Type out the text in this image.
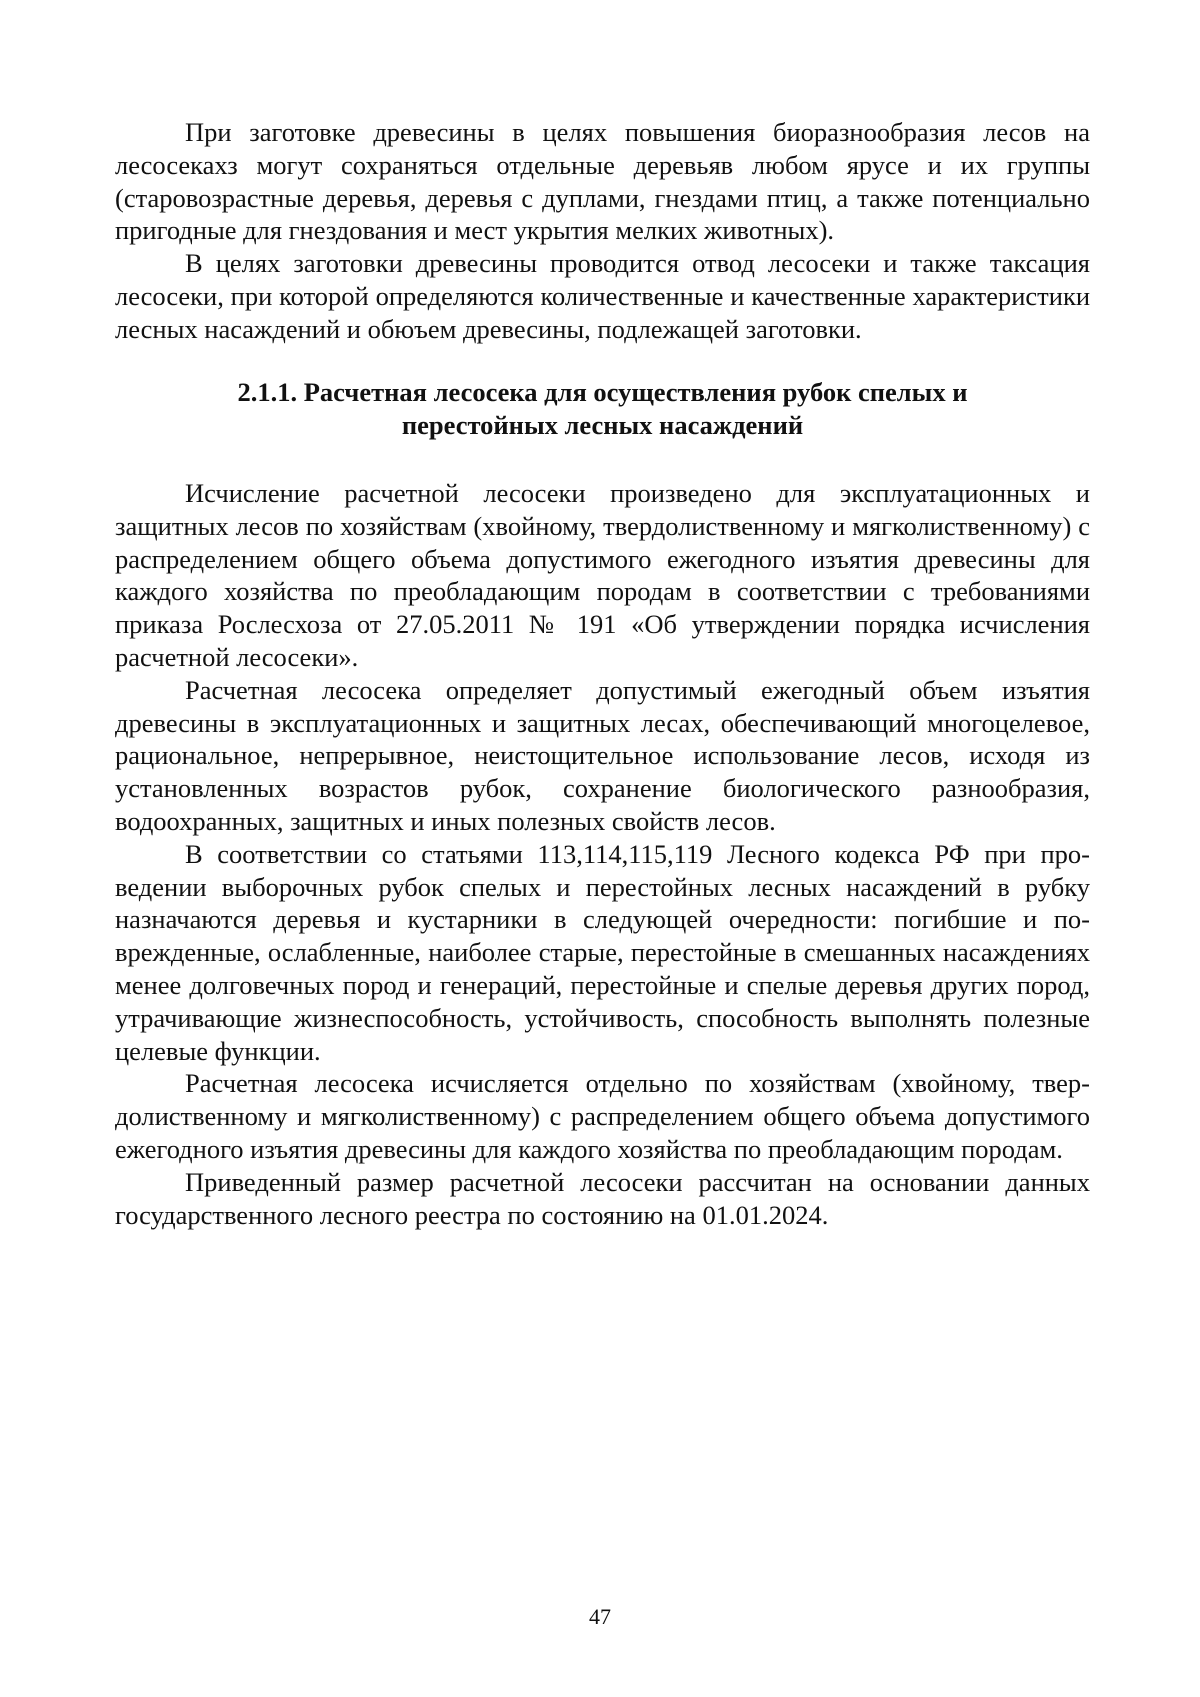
При заготовке древесины в целях повышения биоразнообразия лесов на лесосекахз могут сохраняться отдельные деревьяв любом ярусе и их группы (старовозрастные деревья, деревья с дуплами, гнездами птиц, а также потенциально пригодные для гнездования и мест укрытия мелких животных).

В целях заготовки древесины проводится отвод лесосеки и также таксация лесосеки, при которой определяются количественные и качественные характеристики лесных насаждений и обюъем древесины, подлежащей заготовки.

2.1.1. Расчетная лесосека для осуществления рубок спелых и
перестойных лесных насаждений

Исчисление расчетной лесосеки произведено для эксплуатационных и защитных лесов по хозяйствам (хвойному, твердолиственному и мягколиственному) с распределением общего объема допустимого ежегодного изъятия древесины для каждого хозяйства по преобладающим породам в соответствии с требованиями приказа Рослесхоза от 27.05.2011 № 191 «Об утверждении порядка исчисления расчетной лесосеки».

Расчетная лесосека определяет допустимый ежегодный объем изъятия древесины в эксплуатационных и защитных лесах, обеспечивающий многоцелевое, рациональное, непрерывное, неистощительное использование лесов, исходя из установленных возрастов рубок, сохранение биологического разнообразия, водоохранных, защитных и иных полезных свойств лесов.

В соответствии со статьями 113,114,115,119 Лесного кодекса РФ при проведении выборочных рубок спелых и перестойных лесных насаждений в рубку назначаются деревья и кустарники в следующей очередности: погибшие и поврежденные, ослабленные, наиболее старые, перестойные в смешанных насаждениях менее долговечных пород и генераций, перестойные и спелые деревья других пород, утрачивающие жизнеспособность, устойчивость, способность выполнять полезные целевые функции.

Расчетная лесосека исчисляется отдельно по хозяйствам (хвойному, твердолиственному и мягколиственному) с распределением общего объема допустимого ежегодного изъятия древесины для каждого хозяйства по преобладающим породам.

Приведенный размер расчетной лесосеки рассчитан на основании данных государственного лесного реестра по состоянию на 01.01.2024.

47
